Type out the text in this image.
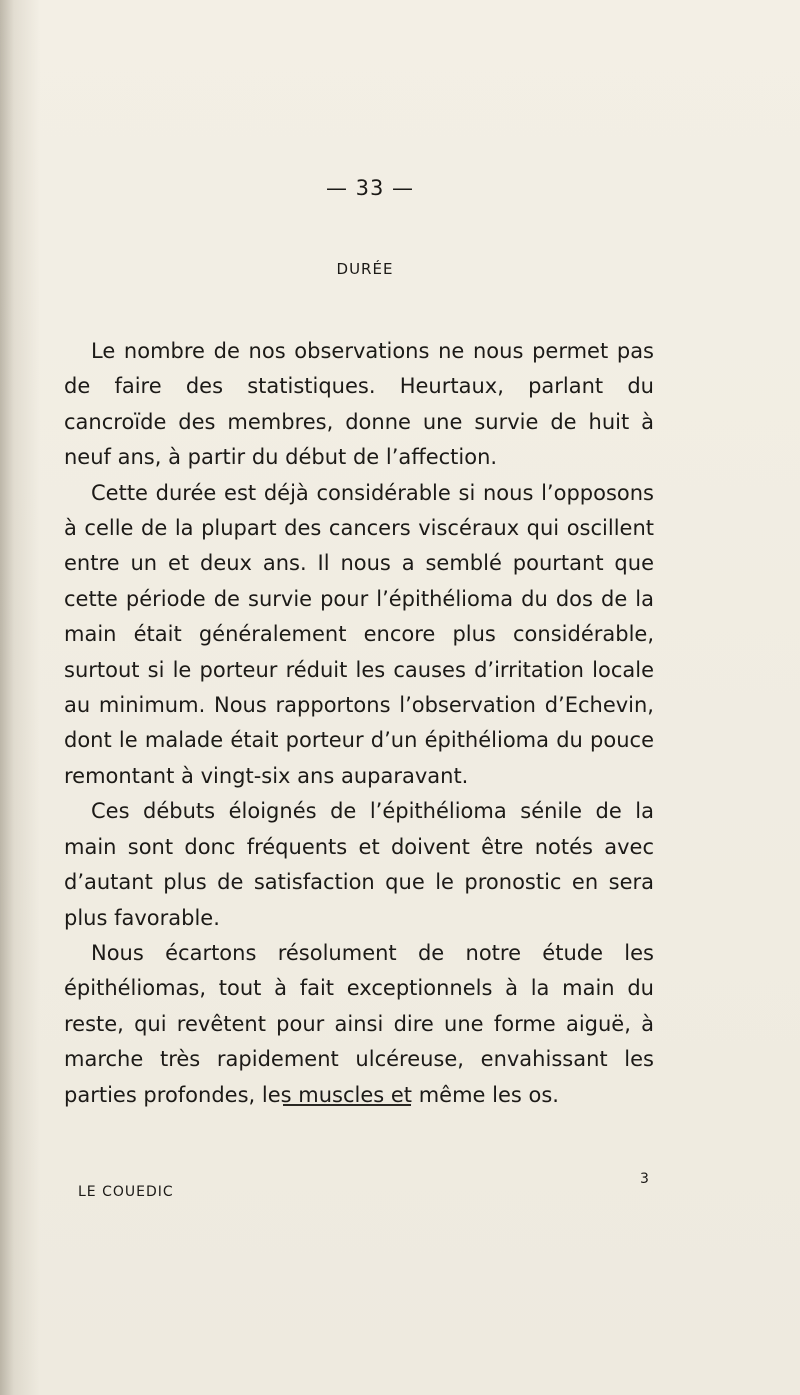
— 33 —
DURÉE

Le nombre de nos observations ne nous permet pas de faire des statistiques. Heurtaux, parlant du cancroïde des membres, donne une survie de huit à neuf ans, à partir du début de l’affection.

Cette durée est déjà considérable si nous l’opposons à celle de la plupart des cancers viscéraux qui oscillent entre un et deux ans. Il nous a semblé pourtant que cette période de survie pour l’épithélioma du dos de la main était généralement encore plus considérable, surtout si le porteur réduit les causes d’irritation locale au minimum. Nous rapportons l’observation d’Echevin, dont le malade était porteur d’un épithélioma du pouce remontant à vingt-six ans auparavant.

Ces débuts éloignés de l’épithélioma sénile de la main sont donc fréquents et doivent être notés avec d’autant plus de satisfaction que le pronostic en sera plus favorable.

Nous écartons résolument de notre étude les épithéliomas, tout à fait exceptionnels à la main du reste, qui revêtent pour ainsi dire une forme aiguë, à marche très rapidement ulcéreuse, envahissant les parties profondes, les muscles et même les os.

LE COUEDIC
3
